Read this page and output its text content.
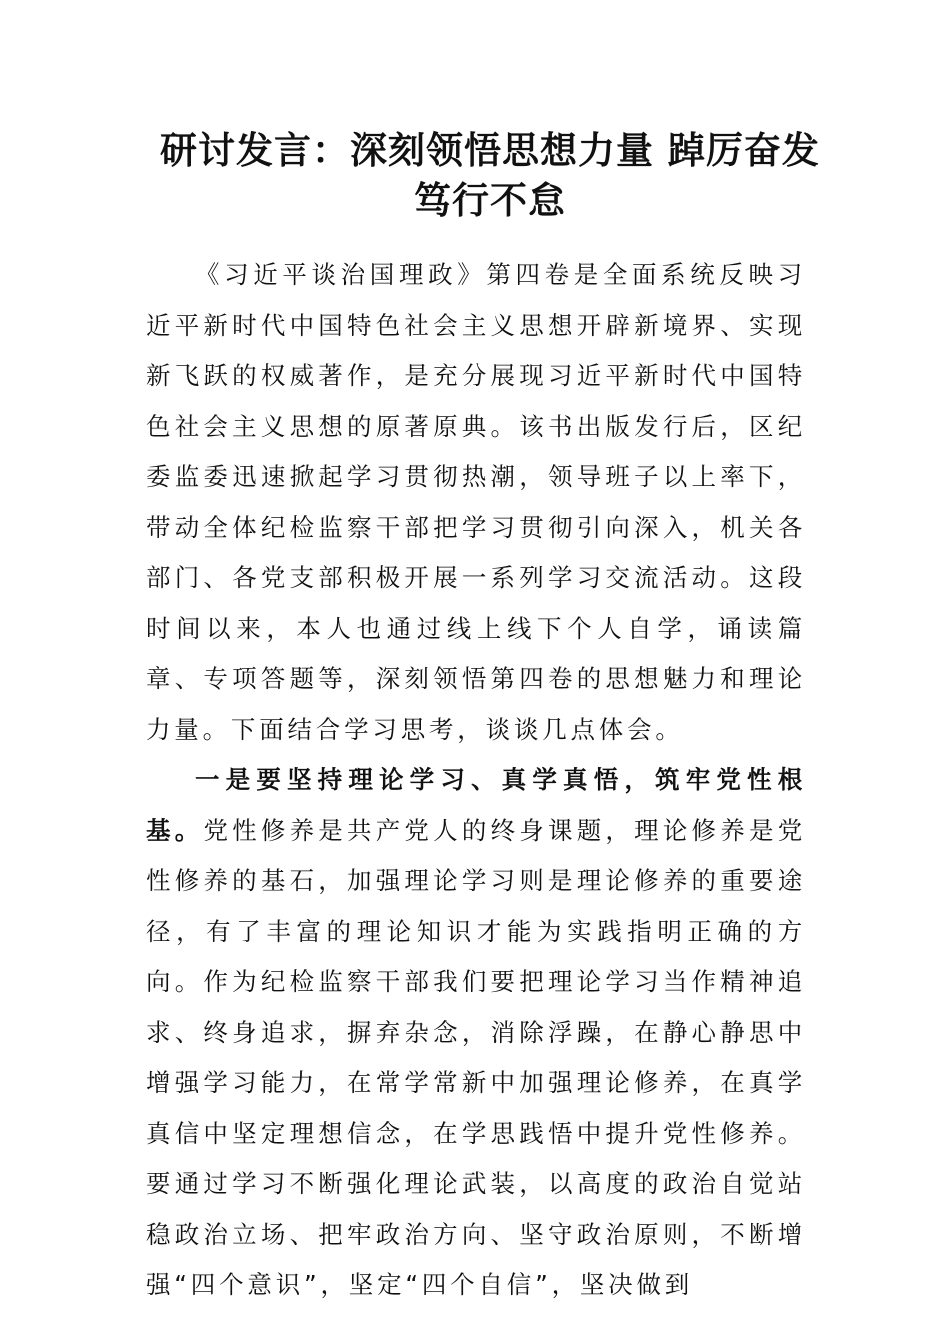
研讨发言：深刻领悟思想力量 踔厉奋发
笃行不怠

《习近平谈治国理政》第四卷是全面系统反映习近平新时代中国特色社会主义思想开辟新境界、实现新飞跃的权威著作，是充分展现习近平新时代中国特色社会主义思想的原著原典。该书出版发行后，区纪委监委迅速掀起学习贯彻热潮，领导班子以上率下，带动全体纪检监察干部把学习贯彻引向深入，机关各部门、各党支部积极开展一系列学习交流活动。这段时间以来，本人也通过线上线下个人自学，诵读篇章、专项答题等，深刻领悟第四卷的思想魅力和理论力量。下面结合学习思考，谈谈几点体会。

一是要坚持理论学习、真学真悟，筑牢党性根基。党性修养是共产党人的终身课题，理论修养是党性修养的基石，加强理论学习则是理论修养的重要途径，有了丰富的理论知识才能为实践指明正确的方向。作为纪检监察干部我们要把理论学习当作精神追求、终身追求，摒弃杂念，消除浮躁，在静心静思中增强学习能力，在常学常新中加强理论修养，在真学真信中坚定理想信念，在学思践悟中提升党性修养。要通过学习不断强化理论武装，以高度的政治自觉站稳政治立场、把牢政治方向、坚守政治原则，不断增强“四个意识”，坚定“四个自信”，坚决做到
